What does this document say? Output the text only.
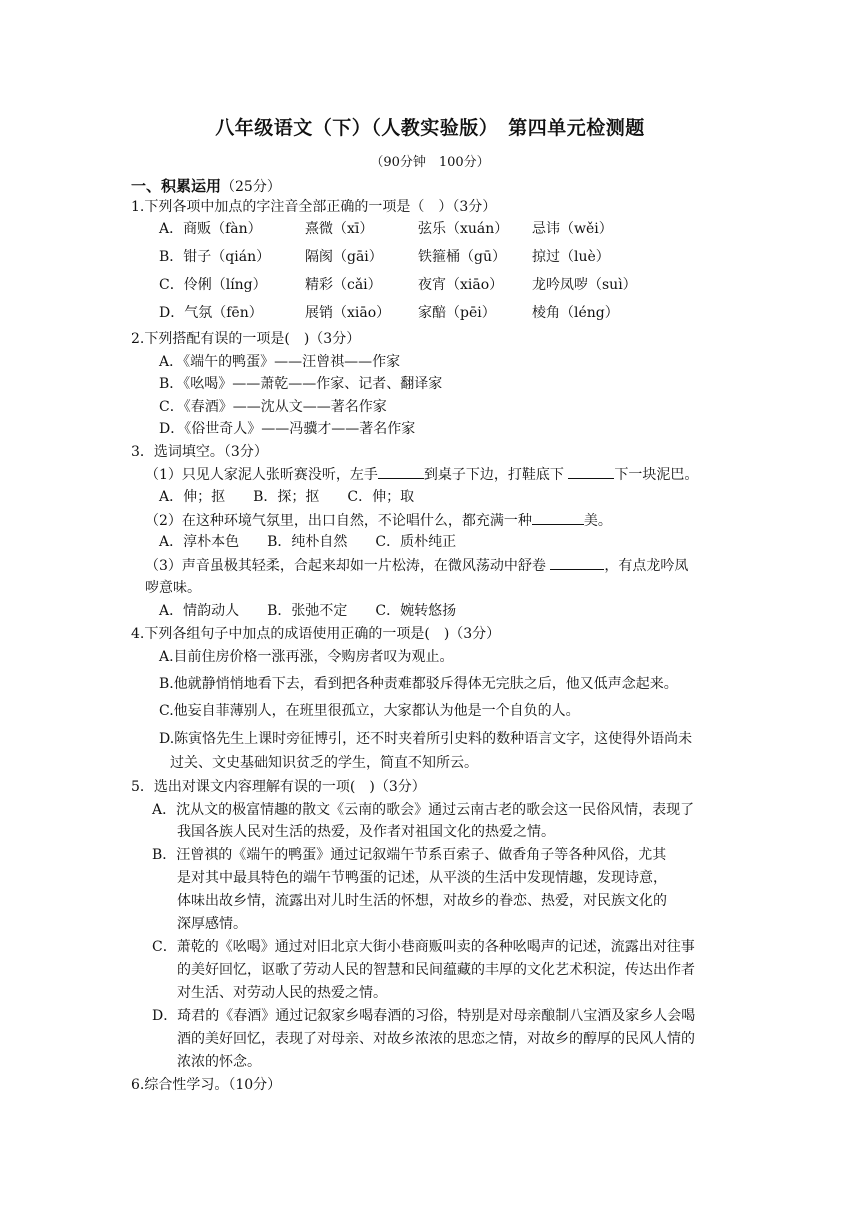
八年级语文（下）（人教实验版）　第四单元检测题
（90分钟　100分）
一、积累运用（25分）
1.下列各项中加点的字注音全部正确的一项是（　）（3分）
A．商贩（fàn）	熹微（xī）	弦乐（xuán） 忌讳（wěi）
B．钳子（qián） 隔阂（gāi）	铁箍桶（gū） 掠过（luè）
C．伶俐（líng）	精彩（cǎi）	夜宵（xiāo） 龙吟凤哕（suì）
D．气氛（fēn）	展销（xiāo） 家醅（pēi）	棱角（léng）
2.下列搭配有误的一项是(　)（3分）
A．《端午的鸭蛋》——汪曾祺——作家
B．《吆喝》——萧乾——作家、记者、翻译家
C．《春酒》——沈从文——著名作家
D．《俗世奇人》——冯骥才——著名作家
3．选词填空。（3分）
（1）只见人家泥人张昕赛没听，左手	到桌子下边，打鞋底下	下一块泥巴。
A．伸；抠　　B．探；抠　　C．伸；取
（2）在这种环境气氛里，出口自然，不论唱什么，都充满一种	美。
A．淳朴本色　　B．纯朴自然　　C．质朴纯正
（3）声音虽极其轻柔，合起来却如一片松涛，在微风荡动中舒卷	，有点龙吟凤
哕意味。
A．情韵动人　　B．张弛不定　　C．婉转悠扬
4.下列各组句子中加点的成语使用正确的一项是(　)（3分）
A.目前住房价格一涨再涨，令购房者叹为观止。
B.他就静悄悄地看下去，看到把各种责难都驳斥得体无完肤之后，他又低声念起来。
C.他妄自菲薄别人，在班里很孤立，大家都认为他是一个自负的人。
D.陈寅恪先生上课时旁征博引，还不时夹着所引史料的数种语言文字，这使得外语尚未
过关、文史基础知识贫乏的学生，简直不知所云。
5．选出对课文内容理解有误的一项(　)（3分）
A．沈从文的极富情趣的散文《云南的歌会》通过云南古老的歌会这一民俗风情，表现了
我国各族人民对生活的热爱，及作者对祖国文化的热爱之情。
B．汪曾祺的《端午的鸭蛋》通过记叙端午节系百索子、做香角子等各种风俗，尤其
是对其中最具特色的端午节鸭蛋的记述，从平淡的生活中发现情趣，发现诗意，
体味出故乡情，流露出对儿时生活的怀想，对故乡的眷恋、热爱，对民族文化的
深厚感情。
C．萧乾的《吆喝》通过对旧北京大街小巷商贩叫卖的各种吆喝声的记述，流露出对往事
的美好回忆，讴歌了劳动人民的智慧和民间蕴藏的丰厚的文化艺术积淀，传达出作者
对生活、对劳动人民的热爱之情。
D．琦君的《春酒》通过记叙家乡喝春酒的习俗，特别是对母亲酿制八宝酒及家乡人会喝
酒的美好回忆，表现了对母亲、对故乡浓浓的思恋之情，对故乡的醇厚的民风人情的
浓浓的怀念。
6.综合性学习。（10分）
